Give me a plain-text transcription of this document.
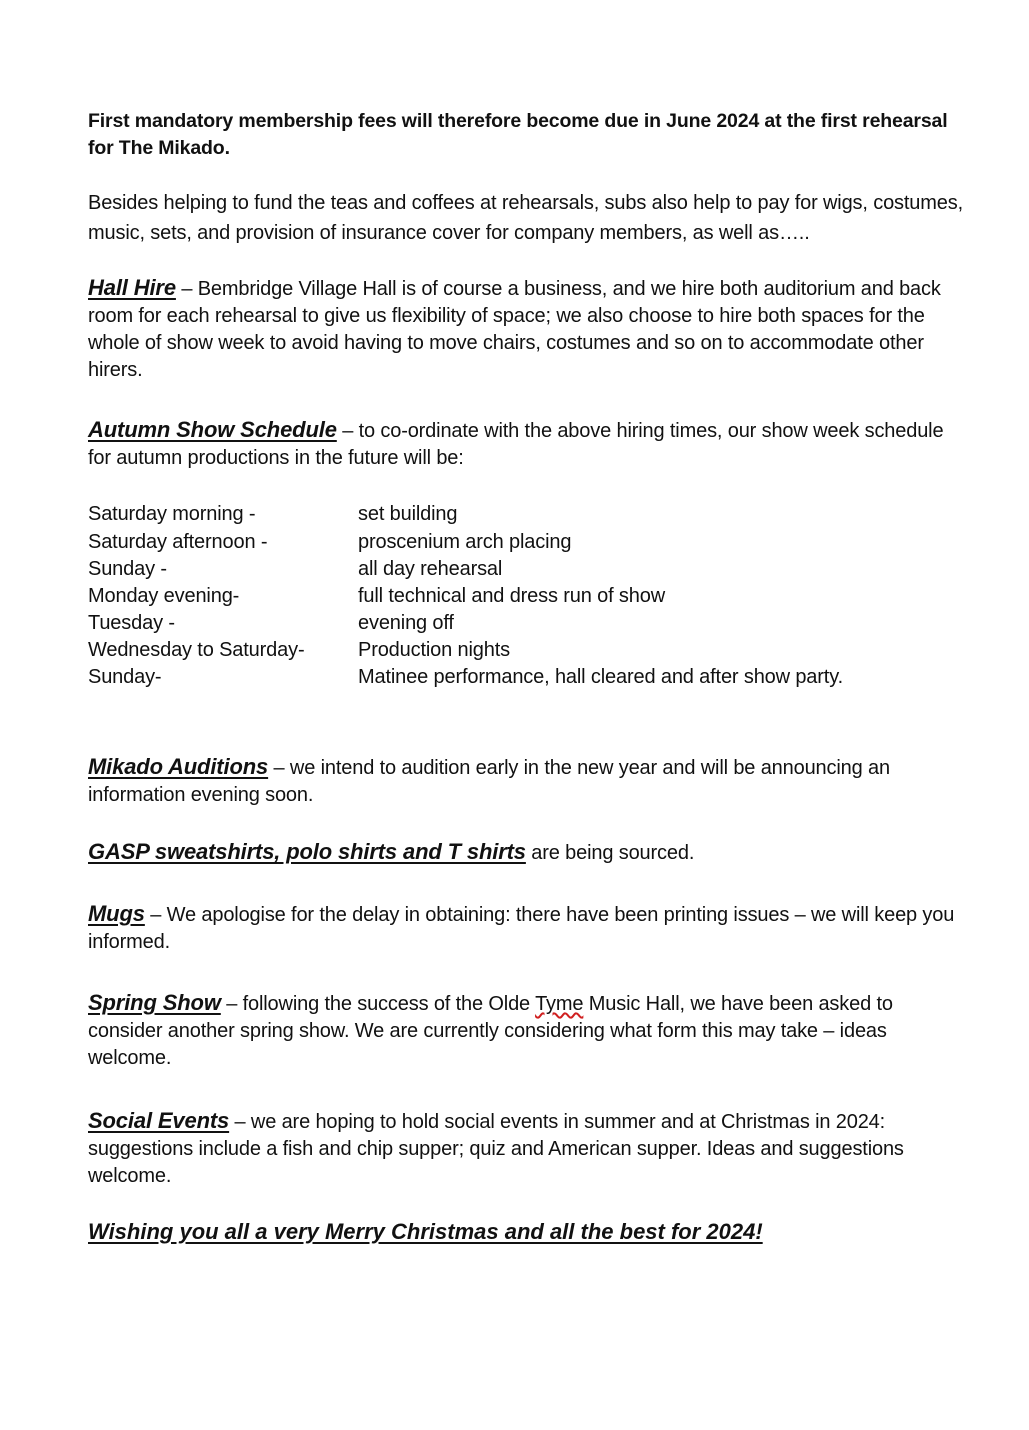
First mandatory membership fees will therefore become due in June 2024 at the first rehearsal for The Mikado.

Besides helping to fund the teas and coffees at rehearsals, subs also help to pay for wigs, costumes, music, sets, and provision of insurance cover for company members, as well as…..

Hall Hire – Bembridge Village Hall is of course a business, and we hire both auditorium and back room for each rehearsal to give us flexibility of space; we also choose to hire both spaces for the whole of show week to avoid having to move chairs, costumes and so on to accommodate other hirers.

Autumn Show Schedule – to co-ordinate with the above hiring times, our show week schedule for autumn productions in the future will be:

Saturday morning -	set building
Saturday afternoon -	proscenium arch placing
Sunday -	all day rehearsal
Monday evening-	full technical and dress run of show
Tuesday -	evening off
Wednesday to Saturday-	Production nights
Sunday-	Matinee performance, hall cleared and after show party.

Mikado Auditions – we intend to audition early in the new year and will be announcing an information evening soon.

GASP sweatshirts, polo shirts and T shirts are being sourced.

Mugs – We apologise for the delay in obtaining: there have been printing issues – we will keep you informed.

Spring Show – following the success of the Olde Tyme Music Hall, we have been asked to consider another spring show. We are currently considering what form this may take – ideas welcome.

Social Events – we are hoping to hold social events in summer and at Christmas in 2024: suggestions include a fish and chip supper; quiz and American supper. Ideas and suggestions welcome.

Wishing you all a very Merry Christmas and all the best for 2024!
